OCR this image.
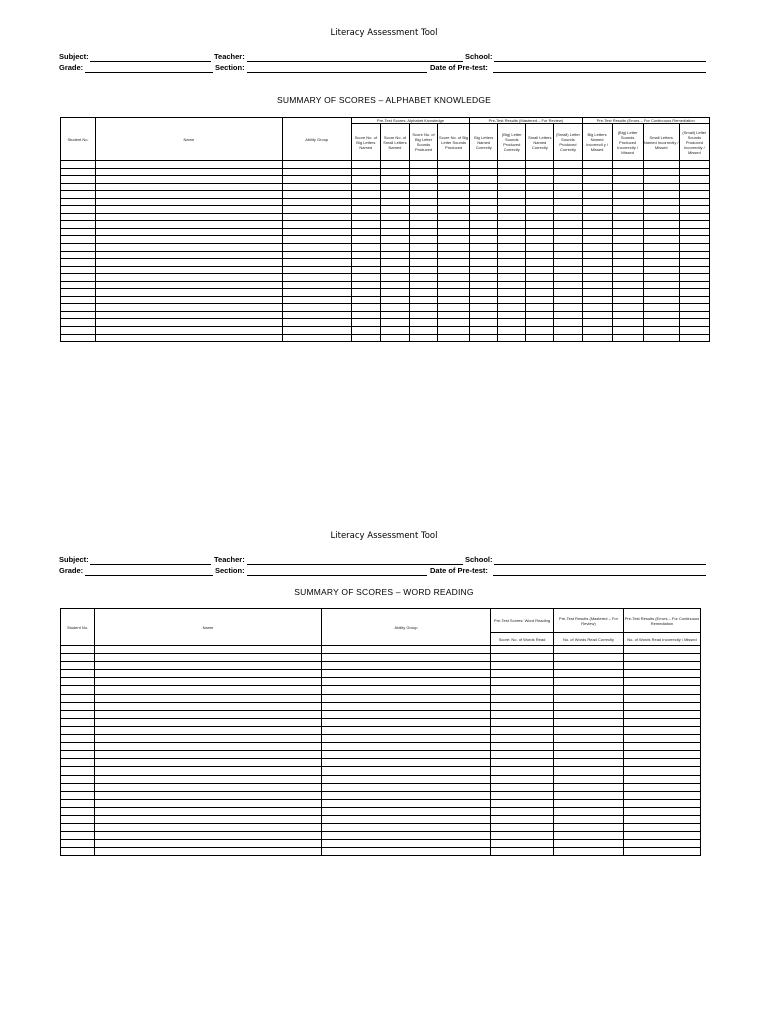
Literacy Assessment Tool
Subject:	Teacher:	School:
Grade:	Section:	Date of Pre-test:
SUMMARY OF SCORES – ALPHABET KNOWLEDGE
Student No.	Name	Ability Group	Pre-Test Scores: Alphabet Knowledge				Pre-Test Results (Mastered – For Review)				Pre-Test Results (Errors – For Continuous Remediation			
			Score No. of Big Letters Named	Score No. of Small Letters Named	Score No. of Big Letter Sounds Produced	Score No. of Big Letter Sounds Produced	Big Letters Named Correctly	(Big) Letter Sounds Produced Correctly	Small Letters Named Correctly	(Small) Letter Sounds Produced Correctly	Big Letters Named Incorrectl y / Missed	(Big) Letter Sounds Produced Incorrectly / Missed	Small Letters Named Incorrectly / Missed	(Small) Letter Sounds Produced Incorrectly / Missed

Literacy Assessment Tool
Subject:	Teacher:	School:
Grade:	Section:	Date of Pre-test:
SUMMARY OF SCORES – WORD READING
Student No.	Name	Ability Group	Pre-Test Scores: Word Reading	Pre-Test Results (Mastered – For Review)	Pre-Test Results (Errors – For Continuous Remediation
			Score: No. of Words Read	No. of Words Read Correctly	No. of Words Read Incorrectly / Missed
